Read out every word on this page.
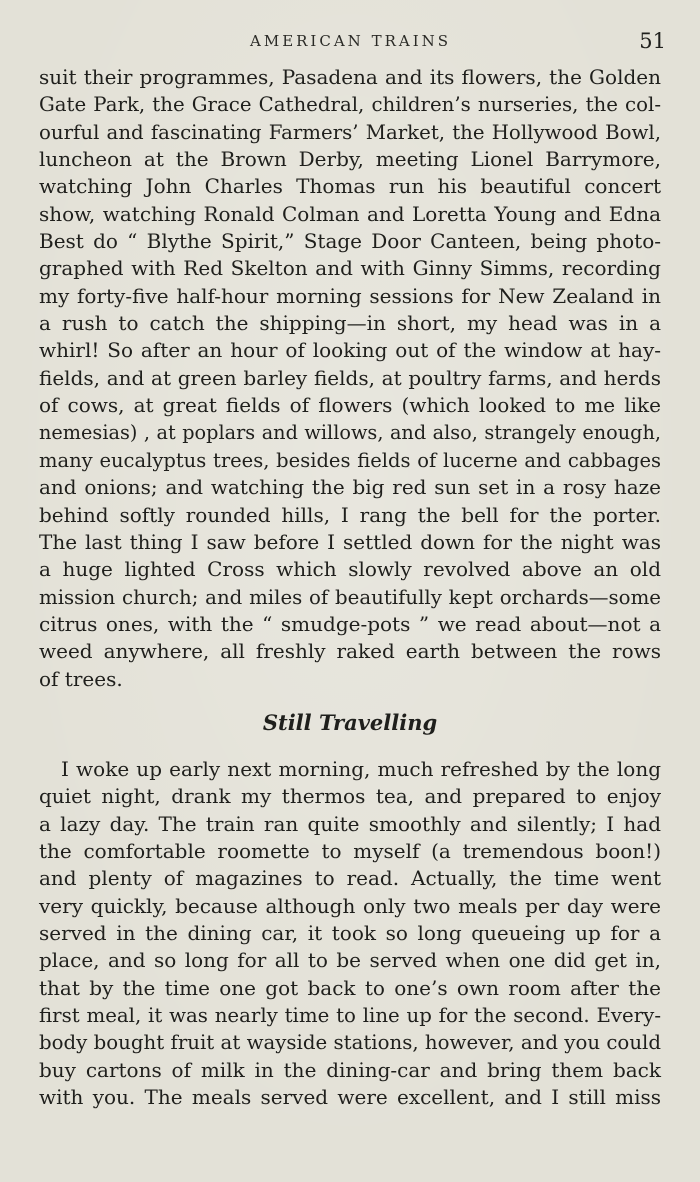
AMERICAN TRAINS	51
suit their programmes, Pasadena and its flowers, the Golden
Gate Park, the Grace Cathedral, children’s nurseries, the col-
ourful and fascinating Farmers’ Market, the Hollywood Bowl,
luncheon at the Brown Derby, meeting Lionel Barrymore,
watching John Charles Thomas run his beautiful concert
show, watching Ronald Colman and Loretta Young and Edna
Best do “ Blythe Spirit,” Stage Door Canteen, being photo-
graphed with Red Skelton and with Ginny Simms, recording
my forty-five half-hour morning sessions for New Zealand in
a rush to catch the shipping—in short, my head was in a
whirl! So after an hour of looking out of the window at hay-
fields, and at green barley fields, at poultry farms, and herds
of cows, at great fields of flowers (which looked to me like
nemesias) , at poplars and willows, and also, strangely enough,
many eucalyptus trees, besides fields of lucerne and cabbages
and onions; and watching the big red sun set in a rosy haze
behind softly rounded hills, I rang the bell for the porter.
The last thing I saw before I settled down for the night was
a huge lighted Cross which slowly revolved above an old
mission church; and miles of beautifully kept orchards—some
citrus ones, with the “ smudge-pots ” we read about—not a
weed anywhere, all freshly raked earth between the rows
of trees.
Still Travelling
I woke up early next morning, much refreshed by the long
quiet night, drank my thermos tea, and prepared to enjoy
a lazy day. The train ran quite smoothly and silently; I had
the comfortable roomette to myself (a tremendous boon!)
and plenty of magazines to read. Actually, the time went
very quickly, because although only two meals per day were
served in the dining car, it took so long queueing up for a
place, and so long for all to be served when one did get in,
that by the time one got back to one’s own room after the
first meal, it was nearly time to line up for the second. Every-
body bought fruit at wayside stations, however, and you could
buy cartons of milk in the dining-car and bring them back
with you. The meals served were excellent, and I still miss
